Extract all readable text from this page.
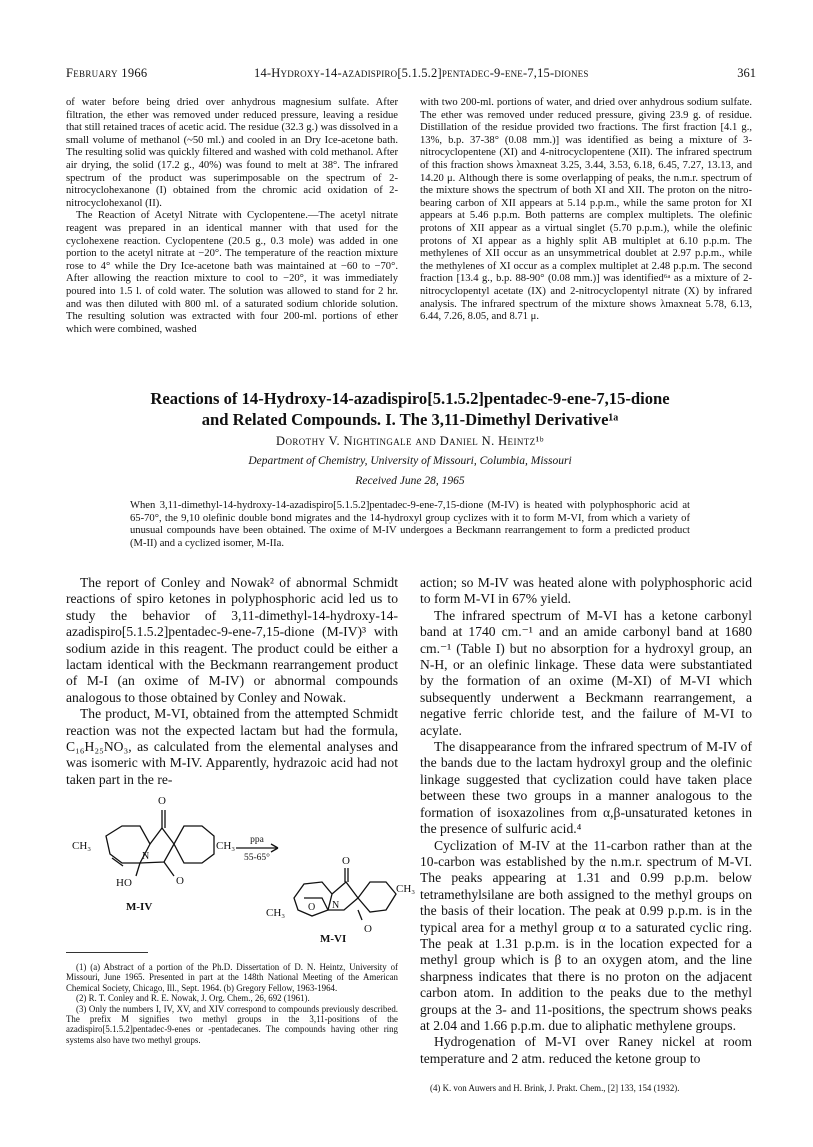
February 1966	14-Hydroxy-14-azadispiro[5.1.5.2]pentadec-9-ene-7,15-diones	361

of water before being dried over anhydrous magnesium sulfate. After filtration, the ether was removed under reduced pressure, leaving a residue that still retained traces of acetic acid. The residue (32.3 g.) was dissolved in a small volume of methanol (~50 ml.) and cooled in an Dry Ice-acetone bath. The resulting solid was quickly filtered and washed with cold methanol. After air drying, the solid (17.2 g., 40%) was found to melt at 38°. The infrared spectrum of the product was superimposable on the spectrum of 2-nitrocyclohexanone (I) obtained from the chromic acid oxidation of 2-nitrocyclohexanol (II).

The Reaction of Acetyl Nitrate with Cyclopentene.—The acetyl nitrate reagent was prepared in an identical manner with that used for the cyclohexene reaction. Cyclopentene (20.5 g., 0.3 mole) was added in one portion to the acetyl nitrate at −20°. The temperature of the reaction mixture rose to 4° while the Dry Ice-acetone bath was maintained at −60 to −70°. After allowing the reaction mixture to cool to −20°, it was immediately poured into 1.5 l. of cold water. The solution was allowed to stand for 2 hr. and was then diluted with 800 ml. of a saturated sodium chloride solution. The resulting solution was extracted with four 200-ml. portions of ether which were combined, washed

with two 200-ml. portions of water, and dried over anhydrous sodium sulfate. The ether was removed under reduced pressure, giving 23.9 g. of residue. Distillation of the residue provided two fractions. The first fraction [4.1 g., 13%, b.p. 37-38° (0.08 mm.)] was identified as being a mixture of 3-nitrocyclopentene (XI) and 4-nitrocyclopentene (XII). The infrared spectrum of this fraction shows λmaxneat 3.25, 3.44, 3.53, 6.18, 6.45, 7.27, 13.13, and 14.20 μ. Although there is some overlapping of peaks, the n.m.r. spectrum of the mixture shows the spectrum of both XI and XII. The proton on the nitro-bearing carbon of XII appears at 5.14 p.p.m., while the same proton for XI appears at 5.46 p.p.m. Both patterns are complex multiplets. The olefinic protons of XII appear as a virtual singlet (5.70 p.p.m.), while the olefinic protons of XI appear as a highly split AB multiplet at 6.10 p.p.m. The methylenes of XII occur as an unsymmetrical doublet at 2.97 p.p.m., while the methylenes of XI occur as a complex multiplet at 2.48 p.p.m. The second fraction [13.4 g., b.p. 88-90° (0.08 mm.)] was identified⁶ᵃ as a mixture of 2-nitrocyclopentyl acetate (IX) and 2-nitrocyclopentyl nitrate (X) by infrared analysis. The infrared spectrum of the mixture shows λmaxneat 5.78, 6.13, 6.44, 7.26, 8.05, and 8.71 μ.

Reactions of 14-Hydroxy-14-azadispiro[5.1.5.2]pentadec-9-ene-7,15-dione
and Related Compounds. I. The 3,11-Dimethyl Derivative¹ᵃ
Dorothy V. Nightingale and Daniel N. Heintz¹ᵇ
Department of Chemistry, University of Missouri, Columbia, Missouri
Received June 28, 1965
When 3,11-dimethyl-14-hydroxy-14-azadispiro[5.1.5.2]pentadec-9-ene-7,15-dione (M-IV) is heated with polyphosphoric acid at 65-70°, the 9,10 olefinic double bond migrates and the 14-hydroxyl group cyclizes with it to form M-VI, from which a variety of unusual compounds have been obtained. The oxime of M-IV undergoes a Beckmann rearrangement to form a predicted product (M-II) and a cyclized isomer, M-IIa.

The report of Conley and Nowak² of abnormal Schmidt reactions of spiro ketones in polyphosphoric acid led us to study the behavior of 3,11-dimethyl-14-hydroxy-14-azadispiro[5.1.5.2]pentadec-9-ene-7,15-dione (M-IV)³ with sodium azide in this reagent. The product could be either a lactam identical with the Beckmann rearrangement product of M-I (an oxime of M-IV) or abnormal compounds analogous to those obtained by Conley and Nowak.

The product, M-VI, obtained from the attempted Schmidt reaction was not the expected lactam but had the formula, C₁₆H₂₅NO₃, as calculated from the elemental analyses and was isomeric with M-IV. Apparently, hydrazoic acid had not taken part in the re-

action; so M-IV was heated alone with polyphosphoric acid to form M-VI in 67% yield.

The infrared spectrum of M-VI has a ketone carbonyl band at 1740 cm.⁻¹ and an amide carbonyl band at 1680 cm.⁻¹ (Table I) but no absorption for a hydroxyl group, an N-H, or an olefinic linkage. These data were substantiated by the formation of an oxime (M-XI) of M-VI which subsequently underwent a Beckmann rearrangement, a negative ferric chloride test, and the failure of M-VI to acylate.

The disappearance from the infrared spectrum of M-IV of the bands due to the lactam hydroxyl group and the olefinic linkage suggested that cyclization could have taken place between these two groups in a manner analogous to the formation of isoxazolines from α,β-unsaturated ketones in the presence of sulfuric acid.⁴

Cyclization of M-IV at the 11-carbon rather than at the 10-carbon was established by the n.m.r. spectrum of M-VI. The peaks appearing at 1.31 and 0.99 p.p.m. below tetramethylsilane are both assigned to the methyl groups on the basis of their location. The peak at 0.99 p.p.m. is in the typical area for a methyl group α to a saturated cyclic ring. The peak at 1.31 p.p.m. is in the location expected for a methyl group which is β to an oxygen atom, and the line sharpness indicates that there is no proton on the adjacent carbon atom. In addition to the peaks due to the methyl groups at the 3- and 11-positions, the spectrum shows peaks at 2.04 and 1.66 p.p.m. due to aliphatic methylene groups.

Hydrogenation of M-VI over Raney nickel at room temperature and 2 atm. reduced the ketone group to

O
CH₃	CH₃
N
O
HO
M-IV
ppa
55-65°	O
CH₃
CH₃ O N
O
M-VI

(1) (a) Abstract of a portion of the Ph.D. Dissertation of D. N. Heintz, University of Missouri, June 1965. Presented in part at the 148th National Meeting of the American Chemical Society, Chicago, Ill., Sept. 1964. (b) Gregory Fellow, 1963-1964.

(2) R. T. Conley and R. E. Nowak, J. Org. Chem., 26, 692 (1961).

(3) Only the numbers I, IV, XV, and XIV correspond to compounds previously described. The prefix M signifies two methyl groups in the 3,11-positions of the azadispiro[5.1.5.2]pentadec-9-enes or -pentadecanes. The compounds having other ring systems also have two methyl groups.

(4) K. von Auwers and H. Brink, J. Prakt. Chem., [2] 133, 154 (1932).
